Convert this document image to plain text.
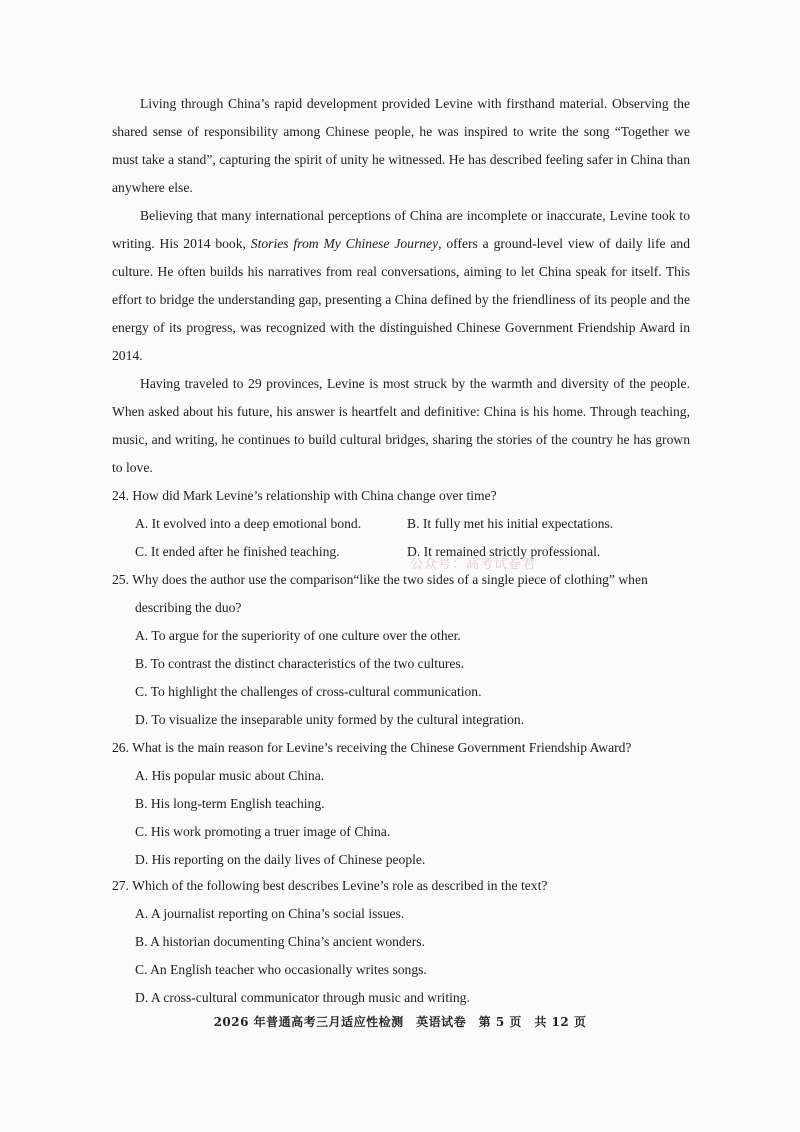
Living through China’s rapid development provided Levine with firsthand material. Observing the shared sense of responsibility among Chinese people, he was inspired to write the song “Together we must take a stand”, capturing the spirit of unity he witnessed. He has described feeling safer in China than anywhere else.

Believing that many international perceptions of China are incomplete or inaccurate, Levine took to writing. His 2014 book, Stories from My Chinese Journey, offers a ground-level view of daily life and culture. He often builds his narratives from real conversations, aiming to let China speak for itself. This effort to bridge the understanding gap, presenting a China defined by the friendliness of its people and the energy of its progress, was recognized with the distinguished Chinese Government Friendship Award in 2014.

Having traveled to 29 provinces, Levine is most struck by the warmth and diversity of the people. When asked about his future, his answer is heartfelt and definitive: China is his home. Through teaching, music, and writing, he continues to build cultural bridges, sharing the stories of the country he has grown to love.

24. How did Mark Levine’s relationship with China change over time?

A. It evolved into a deep emotional bond.	B. It fully met his initial expectations.

C. It ended after he finished teaching.	D. It remained strictly professional.

公众号：高考试卷君

25. Why does the author use the comparison“like the two sides of a single piece of clothing” when
describing the duo?

A. To argue for the superiority of one culture over the other.

B. To contrast the distinct characteristics of the two cultures.

C. To highlight the challenges of cross-cultural communication.

D. To visualize the inseparable unity formed by the cultural integration.

26. What is the main reason for Levine’s receiving the Chinese Government Friendship Award?

A. His popular music about China.

B. His long-term English teaching.

C. His work promoting a truer image of China.

D. His reporting on the daily lives of Chinese people.

27. Which of the following best describes Levine’s role as described in the text?

A. A journalist reporting on China’s social issues.

B. A historian documenting China’s ancient wonders.

C. An English teacher who occasionally writes songs.

D. A cross-cultural communicator through music and writing.

2026 年普通高考三月适应性检测　英语试卷　第 5 页　共 12 页
